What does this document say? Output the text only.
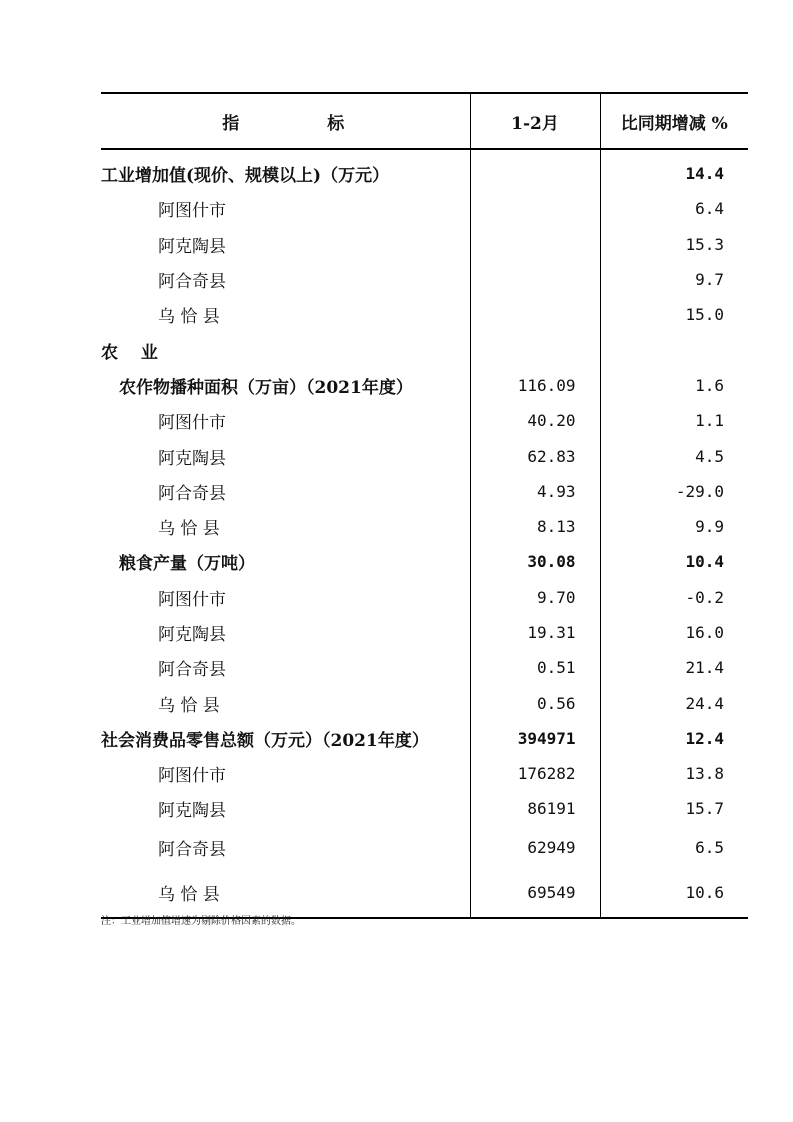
指　　　　标	1-2月	比同期增减 %
工业增加值(现价、规模以上)（万元）		14.4
阿图什市		6.4
阿克陶县		15.3
阿合奇县		9.7
乌 恰 县		15.0
农　 业		
农作物播种面积（万亩）（2021年度）	116.09	1.6
阿图什市	40.20	1.1
阿克陶县	62.83	4.5
阿合奇县	4.93	-29.0
乌 恰 县	8.13	9.9
粮食产量（万吨）	30.08	10.4
阿图什市	9.70	-0.2
阿克陶县	19.31	16.0
阿合奇县	0.51	21.4
乌 恰 县	0.56	24.4
社会消费品零售总额（万元）（2021年度）	394971	12.4
阿图什市	176282	13.8
阿克陶县	86191	15.7
阿合奇县	62949	6.5
乌 恰 县	69549	10.6
注：工业增加值增速为剔除价格因素的数据。
